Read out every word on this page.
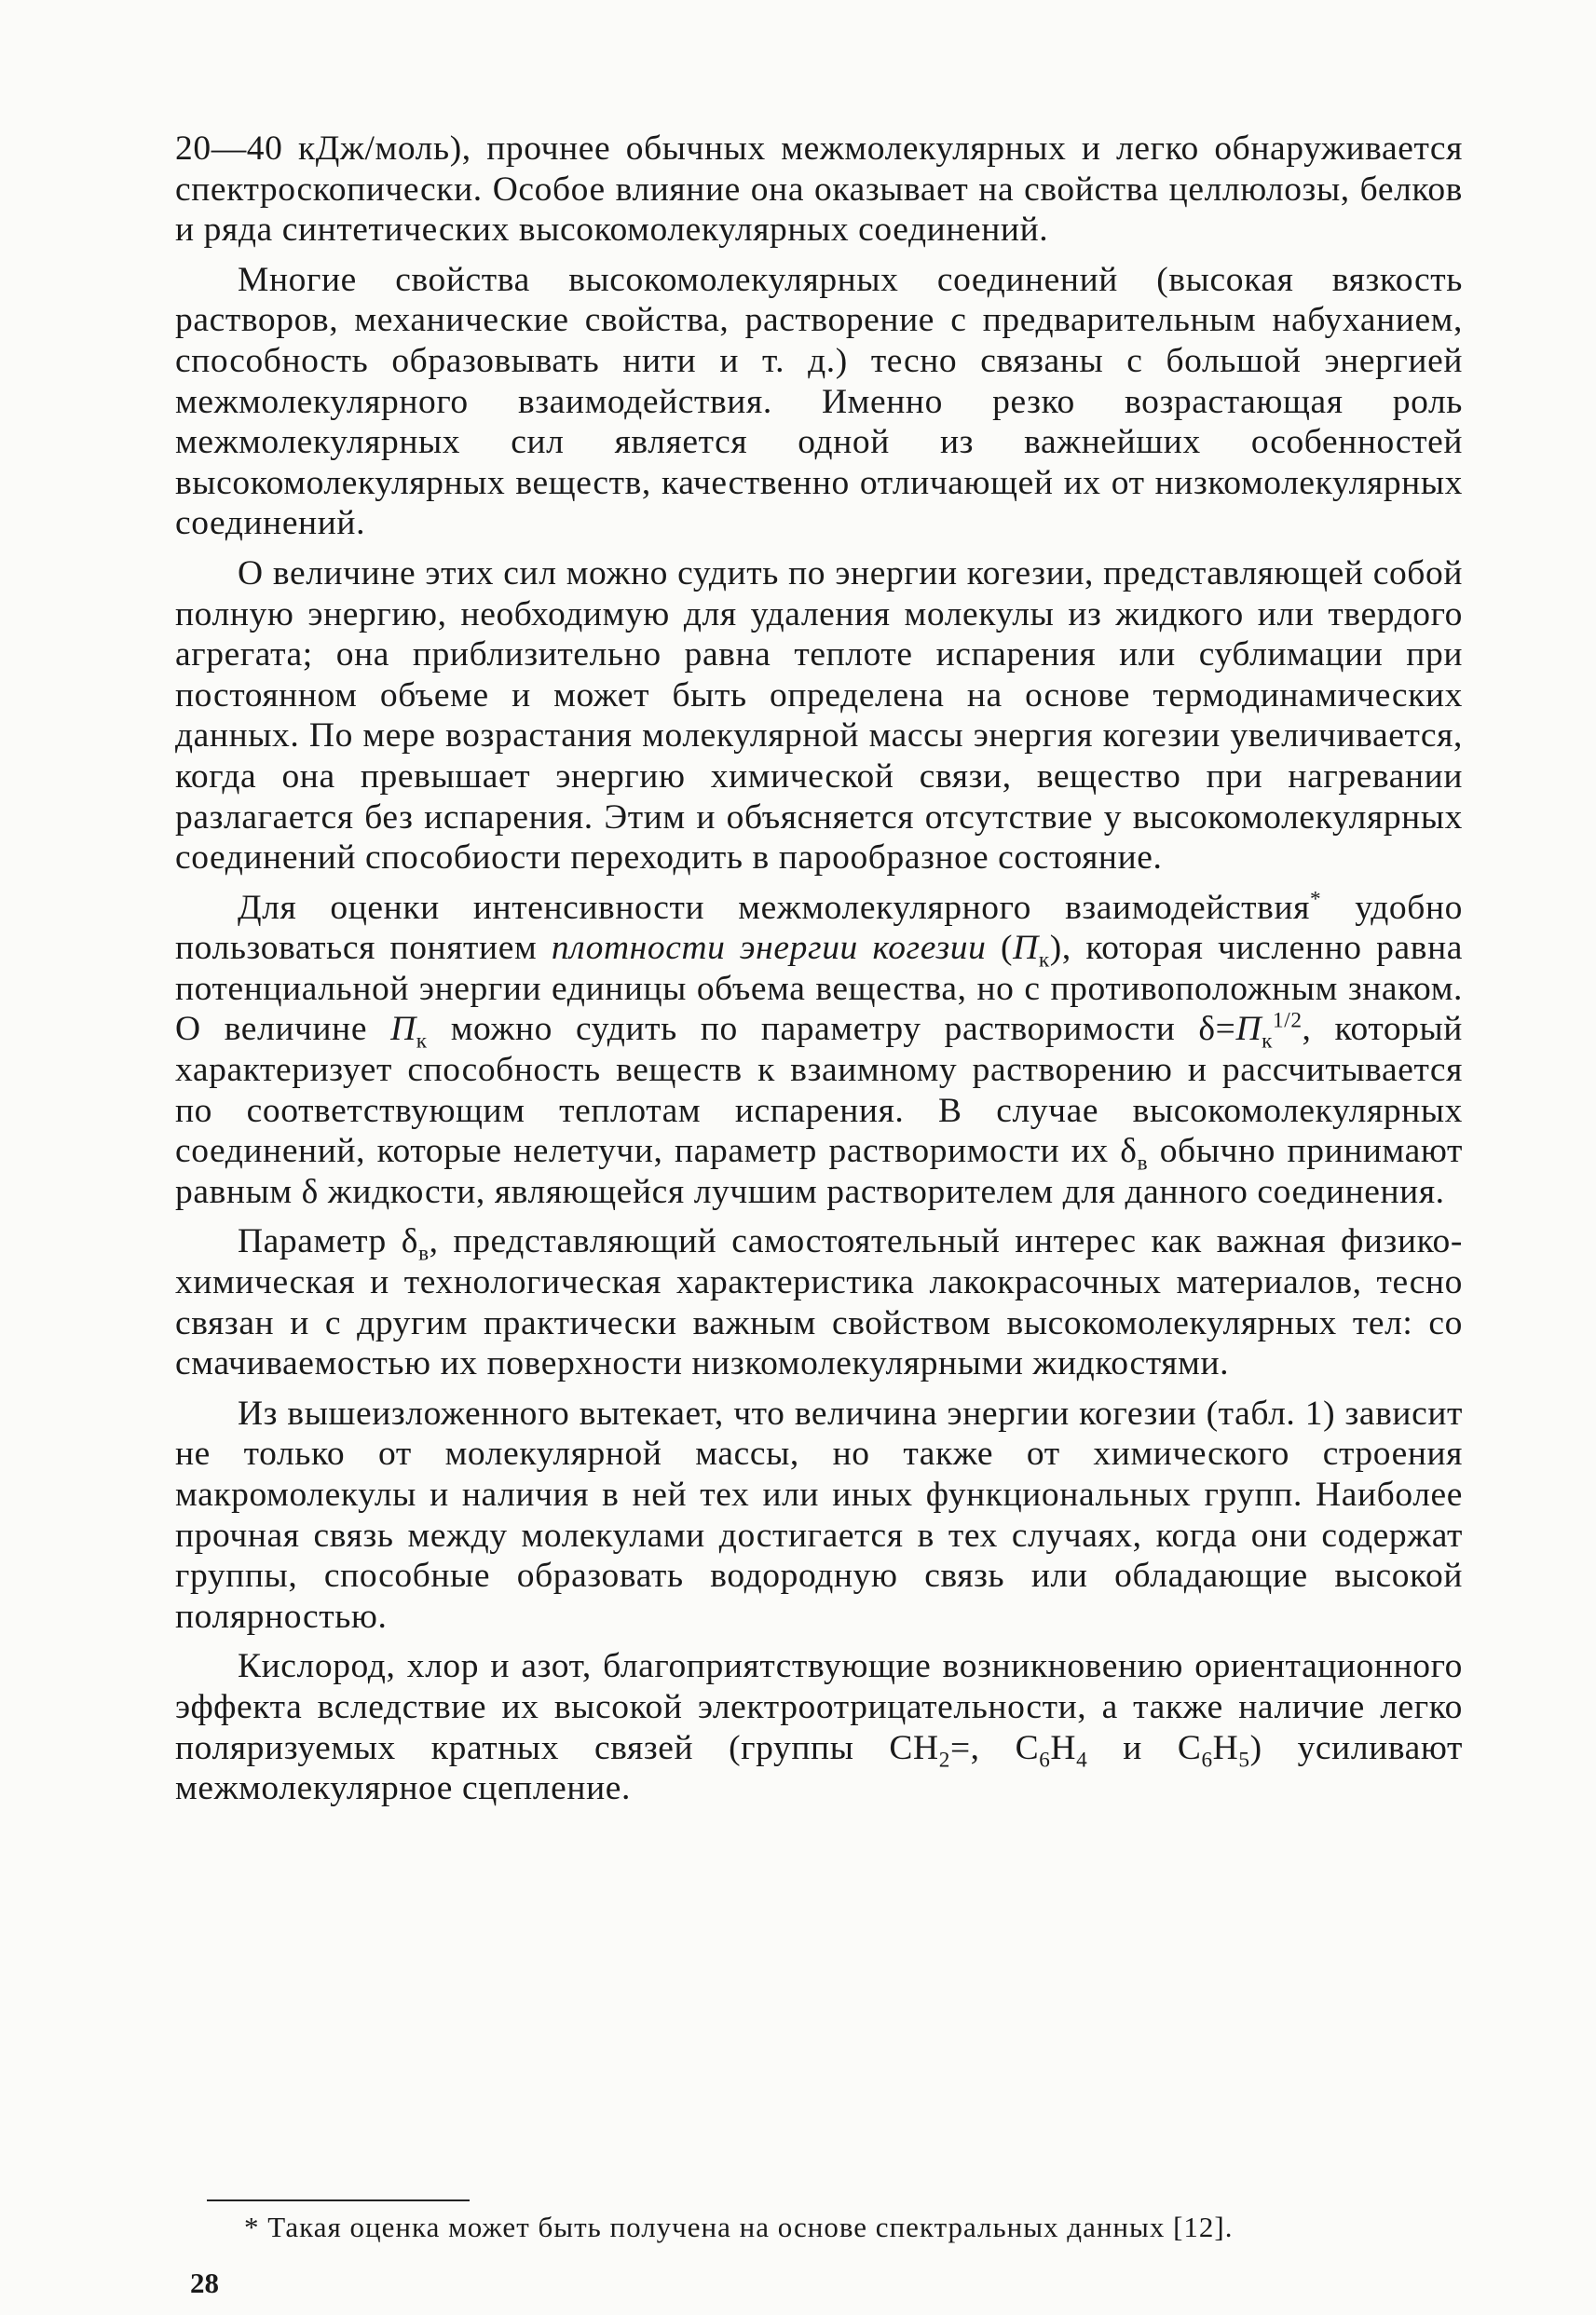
20—40 кДж/моль), прочнее обычных межмолекулярных и легко обнаруживается спектроскопически. Особое влияние она оказывает на свойства целлюлозы, белков и ряда синтетических высокомолекулярных соединений.

Многие свойства высокомолекулярных соединений (высокая вязкость растворов, механические свойства, растворение с предварительным набуханием, способность образовывать нити и т. д.) тесно связаны с большой энергией межмолекулярного взаимодействия. Именно резко возрастающая роль межмолекулярных сил является одной из важнейших особенностей высокомолекулярных веществ, качественно отличающей их от низкомолекулярных соединений.

О величине этих сил можно судить по энергии когезии, представляющей собой полную энергию, необходимую для удаления молекулы из жидкого или твердого агрегата; она приблизительно равна теплоте испарения или сублимации при постоянном объеме и может быть определена на основе термодинамических данных. По мере возрастания молекулярной массы энергия когезии увеличивается, когда она превышает энергию химической связи, вещество при нагревании разлагается без испарения. Этим и объясняется отсутствие у высокомолекулярных соединений способиости переходить в парообразное состояние.

Для оценки интенсивности межмолекулярного взаимодействия* удобно пользоваться понятием плотности энергии когезии $(П_к)$, которая численно равна потенциальной энергии единицы объема вещества, но с противоположным знаком. О величине $П_к$ можно судить по параметру растворимости $\delta=П_к^{1/2}$, который характеризует способность веществ к взаимному растворению и рассчитывается по соответствующим теплотам испарения. В случае высокомолекулярных соединений, которые нелетучи, параметр растворимости их $\delta_в$ обычно принимают равным δ жидкости, являющейся лучшим растворителем для данного соединения.

Параметр $\delta_в$, представляющий самостоятельный интерес как важная физико-химическая и технологическая характеристика лакокрасочных материалов, тесно связан и с другим практически важным свойством высокомолекулярных тел: со смачиваемостью их поверхности низкомолекулярными жидкостями.

Из вышеизложенного вытекает, что величина энергии когезии (табл. 1) зависит не только от молекулярной массы, но также от химического строения макромолекулы и наличия в ней тех или иных функциональных групп. Наиболее прочная связь между молекулами достигается в тех случаях, когда они содержат группы, способные образовать водородную связь или обладающие высокой полярностью.

Кислород, хлор и азот, благоприятствующие возникновению ориентационного эффекта вследствие их высокой электроотрицательности, а также наличие легко поляризуемых кратных связей (группы $СН_2=$, $С_6Н_4$ и $С_6Н_5$) усиливают межмолекулярное сцепление.

* Такая оценка может быть получена на основе спектральных данных [12].
28
